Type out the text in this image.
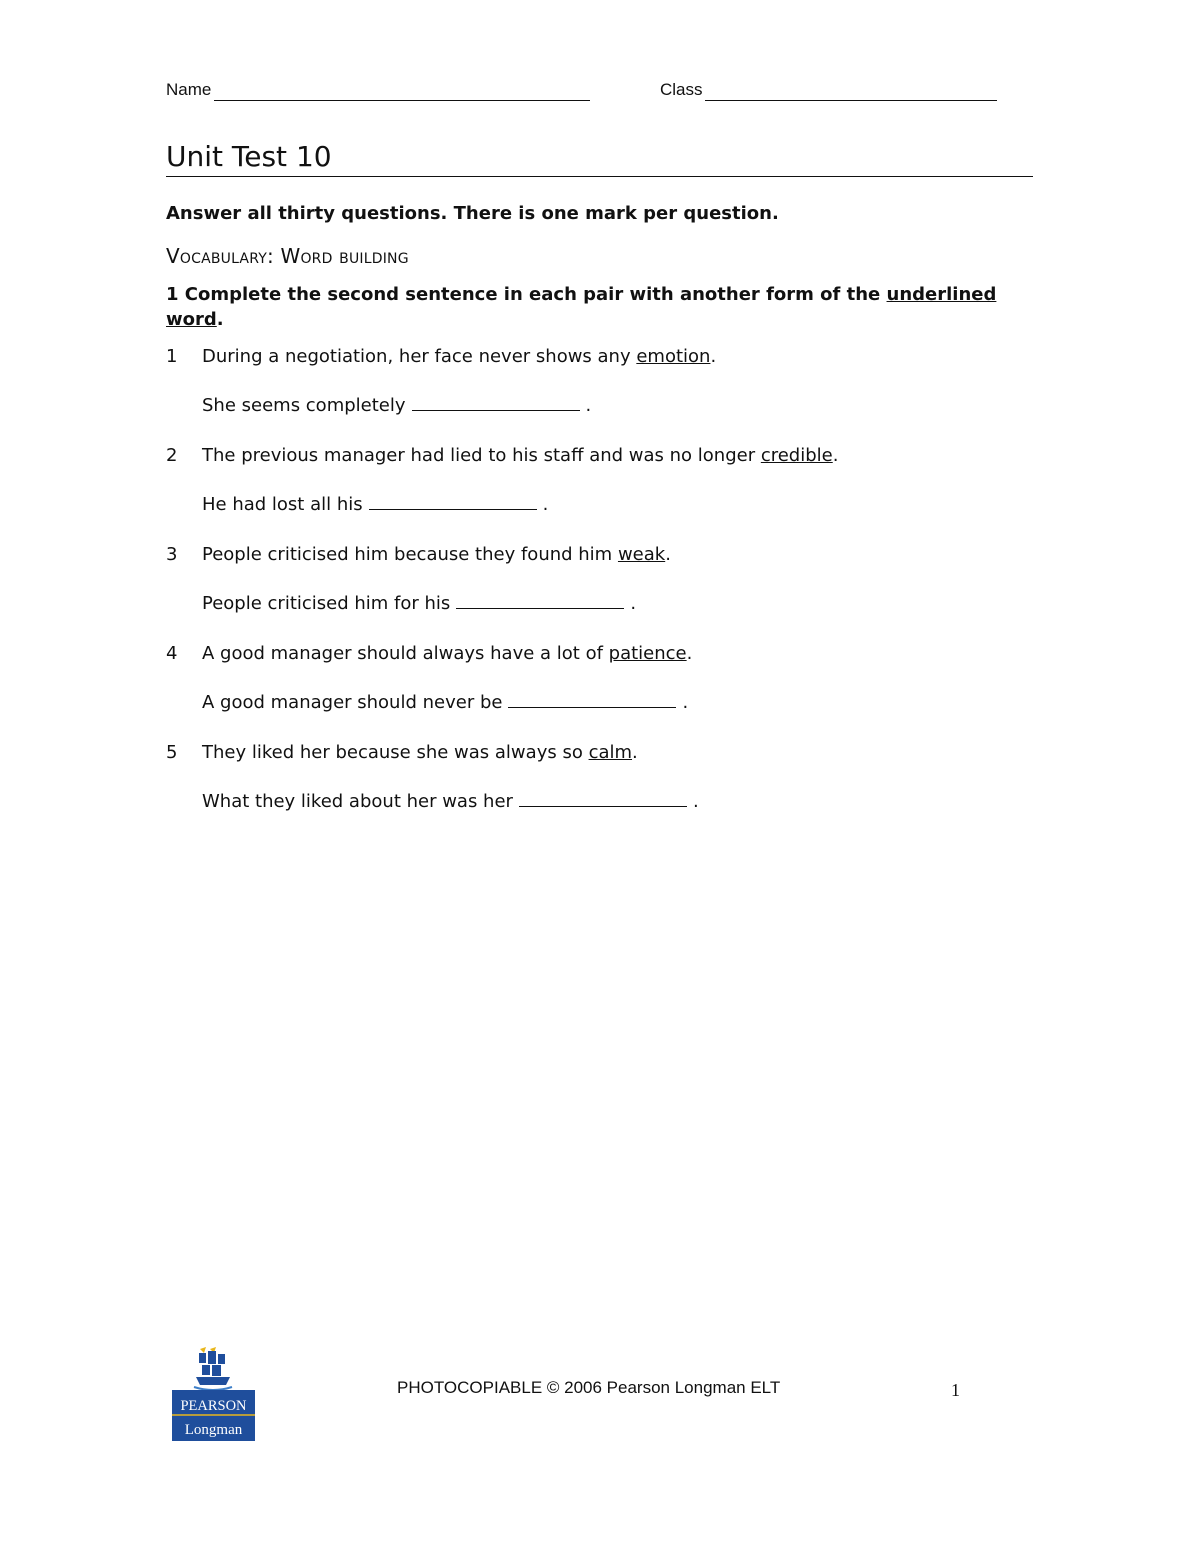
Name	Class
Unit Test 10
Answer all thirty questions. There is one mark per question.
Vocabulary: Word building
1 Complete the second sentence in each pair with another form of the underlined word.
1 During a negotiation, her face never shows any emotion.
She seems completely	.
2 The previous manager had lied to his staff and was no longer credible.
He had lost all his	.
3 People criticised him because they found him weak.
People criticised him for his	.
4 A good manager should always have a lot of patience.
A good manager should never be	.
5 They liked her because she was always so calm.
What they liked about her was her	.
PEARSON
Longman
PHOTOCOPIABLE © 2006 Pearson Longman ELT	1
